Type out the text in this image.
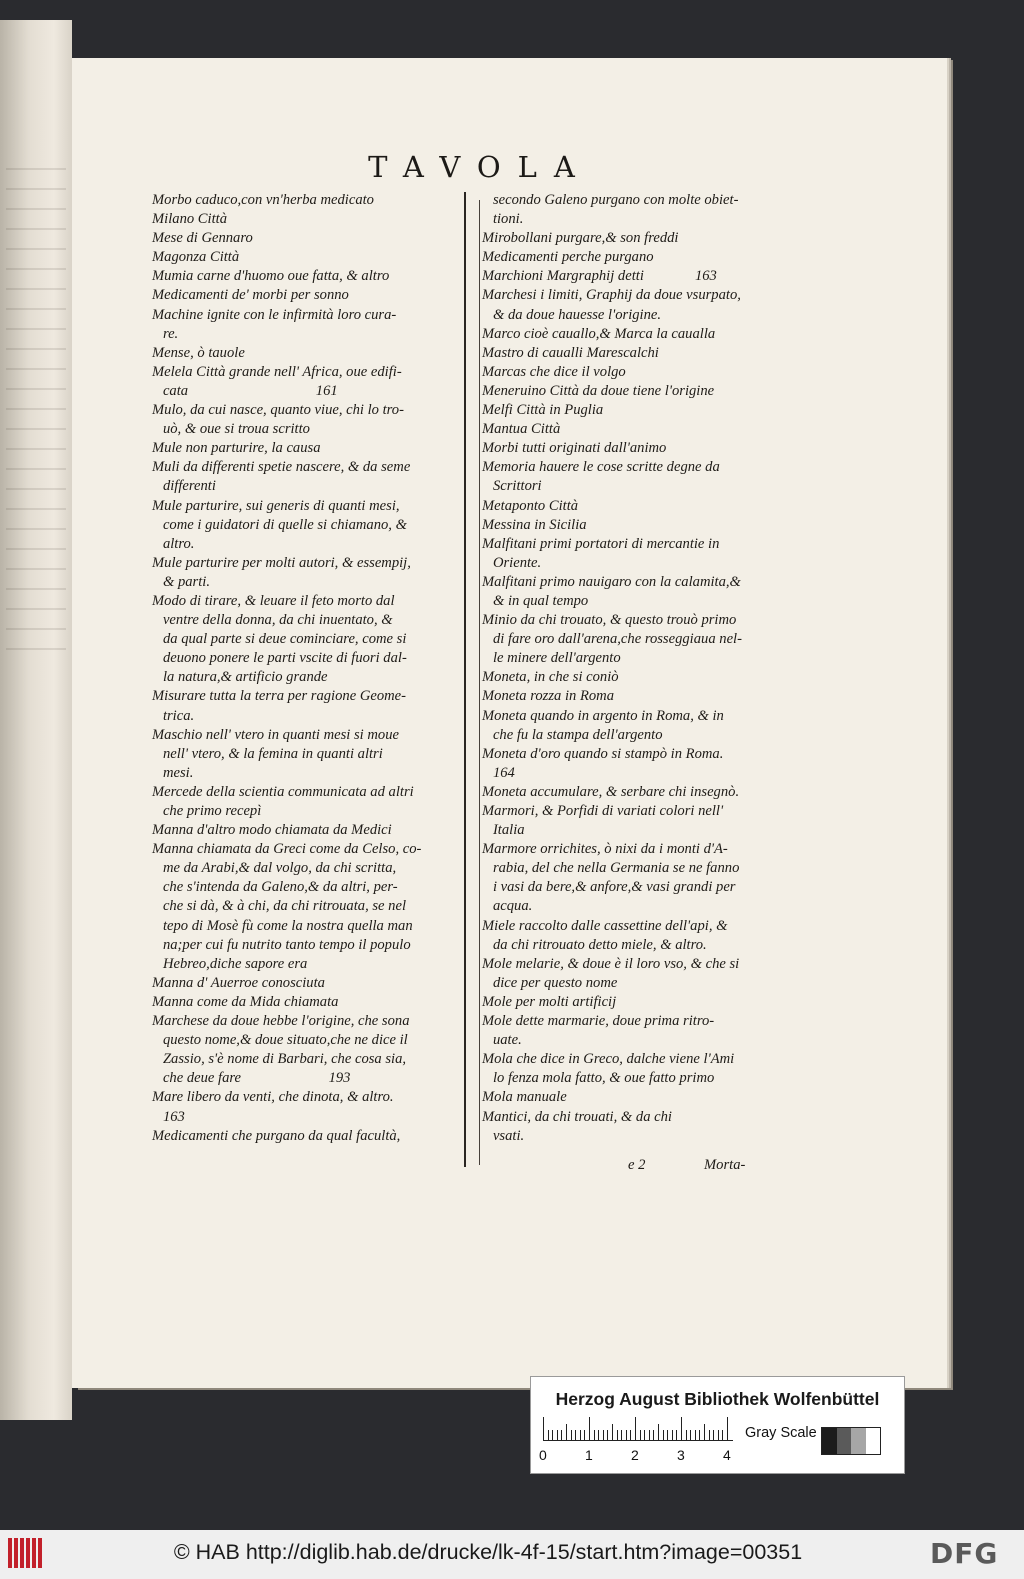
TAVOLA

Morbo caduco,con vn'herba medicato

Milano Città

Mese di Gennaro

Magonza Città

Mumia carne d'huomo oue fatta, & altro

Medicamenti de' morbi per sonno

Machine ignite con le infirmità loro cura-

re.

Mense, ò tauole

Melela Città grande nell' Africa, oue edifi-

cata                                   161

Mulo, da cui nasce, quanto viue, chi lo tro-

uò, & oue si troua scritto

Mule non parturire, la causa

Muli da differenti spetie nascere, & da seme

differenti

Mule parturire, sui generis di quanti mesi,

come i guidatori di quelle si chiamano, &

altro.

Mule parturire per molti autori, & essempij,

& parti.

Modo di tirare, & leuare il feto morto dal

ventre della donna, da chi inuentato, &

da qual parte si deue cominciare, come si

deuono ponere le parti vscite di fuori dal-

la natura,& artificio grande

Misurare tutta la terra per ragione Geome-

trica.

Maschio nell' vtero in quanti mesi si moue

nell' vtero, & la femina in quanti altri

mesi.

Mercede della scientia communicata ad altri

che primo recepì

Manna d'altro modo chiamata da Medici

Manna chiamata da Greci come da Celso, co-

me da Arabi,& dal volgo, da chi scritta,

che s'intenda da Galeno,& da altri, per-

che si dà, & à chi, da chi ritrouata, se nel

tepo di Mosè fù come la nostra quella man

na;per cui fu nutrito tanto tempo il populo

Hebreo,diche sapore era

Manna d' Auerroe conosciuta

Manna come da Mida chiamata

Marchese da doue hebbe l'origine, che sona

questo nome,& doue situato,che ne dice il

Zassio, s'è nome di Barbari, che cosa sia,

che deue fare                        193

Mare libero da venti, che dinota, & altro.

163

Medicamenti che purgano da qual facultà,

secondo Galeno purgano con molte obiet-

tioni.

Mirobollani purgare,& son freddi

Medicamenti perche purgano

Marchioni Margraphij detti              163

Marchesi i limiti, Graphij da doue vsurpato,

& da doue hauesse l'origine.

Marco cioè cauallo,& Marca la caualla

Mastro di caualli Marescalchi

Marcas che dice il volgo

Meneruino Città da doue tiene l'origine

Melfi Città in Puglia

Mantua Città

Morbi tutti originati dall'animo

Memoria hauere le cose scritte degne da

Scrittori

Metaponto Città

Messina in Sicilia

Malfitani primi portatori di mercantie in

Oriente.

Malfitani primo nauigaro con la calamita,&

& in qual tempo

Minio da chi trouato, & questo trouò primo

di fare oro dall'arena,che rosseggiaua nel-

le minere dell'argento

Moneta, in che si coniò

Moneta rozza in Roma

Moneta quando in argento in Roma, & in

che fu la stampa dell'argento

Moneta d'oro quando si stampò in Roma.

164

Moneta accumulare, & serbare chi insegnò.

Marmori, & Porfidi di variati colori nell'

Italia

Marmore orrichites, ò nixi da i monti d'A-

rabia, del che nella Germania se ne fanno

i vasi da bere,& anfore,& vasi grandi per

acqua.

Miele raccolto dalle cassettine dell'api, &

da chi ritrouato detto miele, & altro.

Mole melarie, & doue è il loro vso, & che si

dice per questo nome

Mole per molti artificij

Mole dette marmarie, doue prima ritro-

uate.

Mola che dice in Greco, dalche viene l'Ami

lo fenza mola fatto, & oue fatto primo

Mola manuale

Mantici, da chi trouati, & da chi

vsati.

e 2	Morta-
Herzog August Bibliothek Wolfenbüttel
0	1	2	3	4
Gray Scale
© HAB http://diglib.hab.de/drucke/lk-4f-15/start.htm?image=00351	DFG
